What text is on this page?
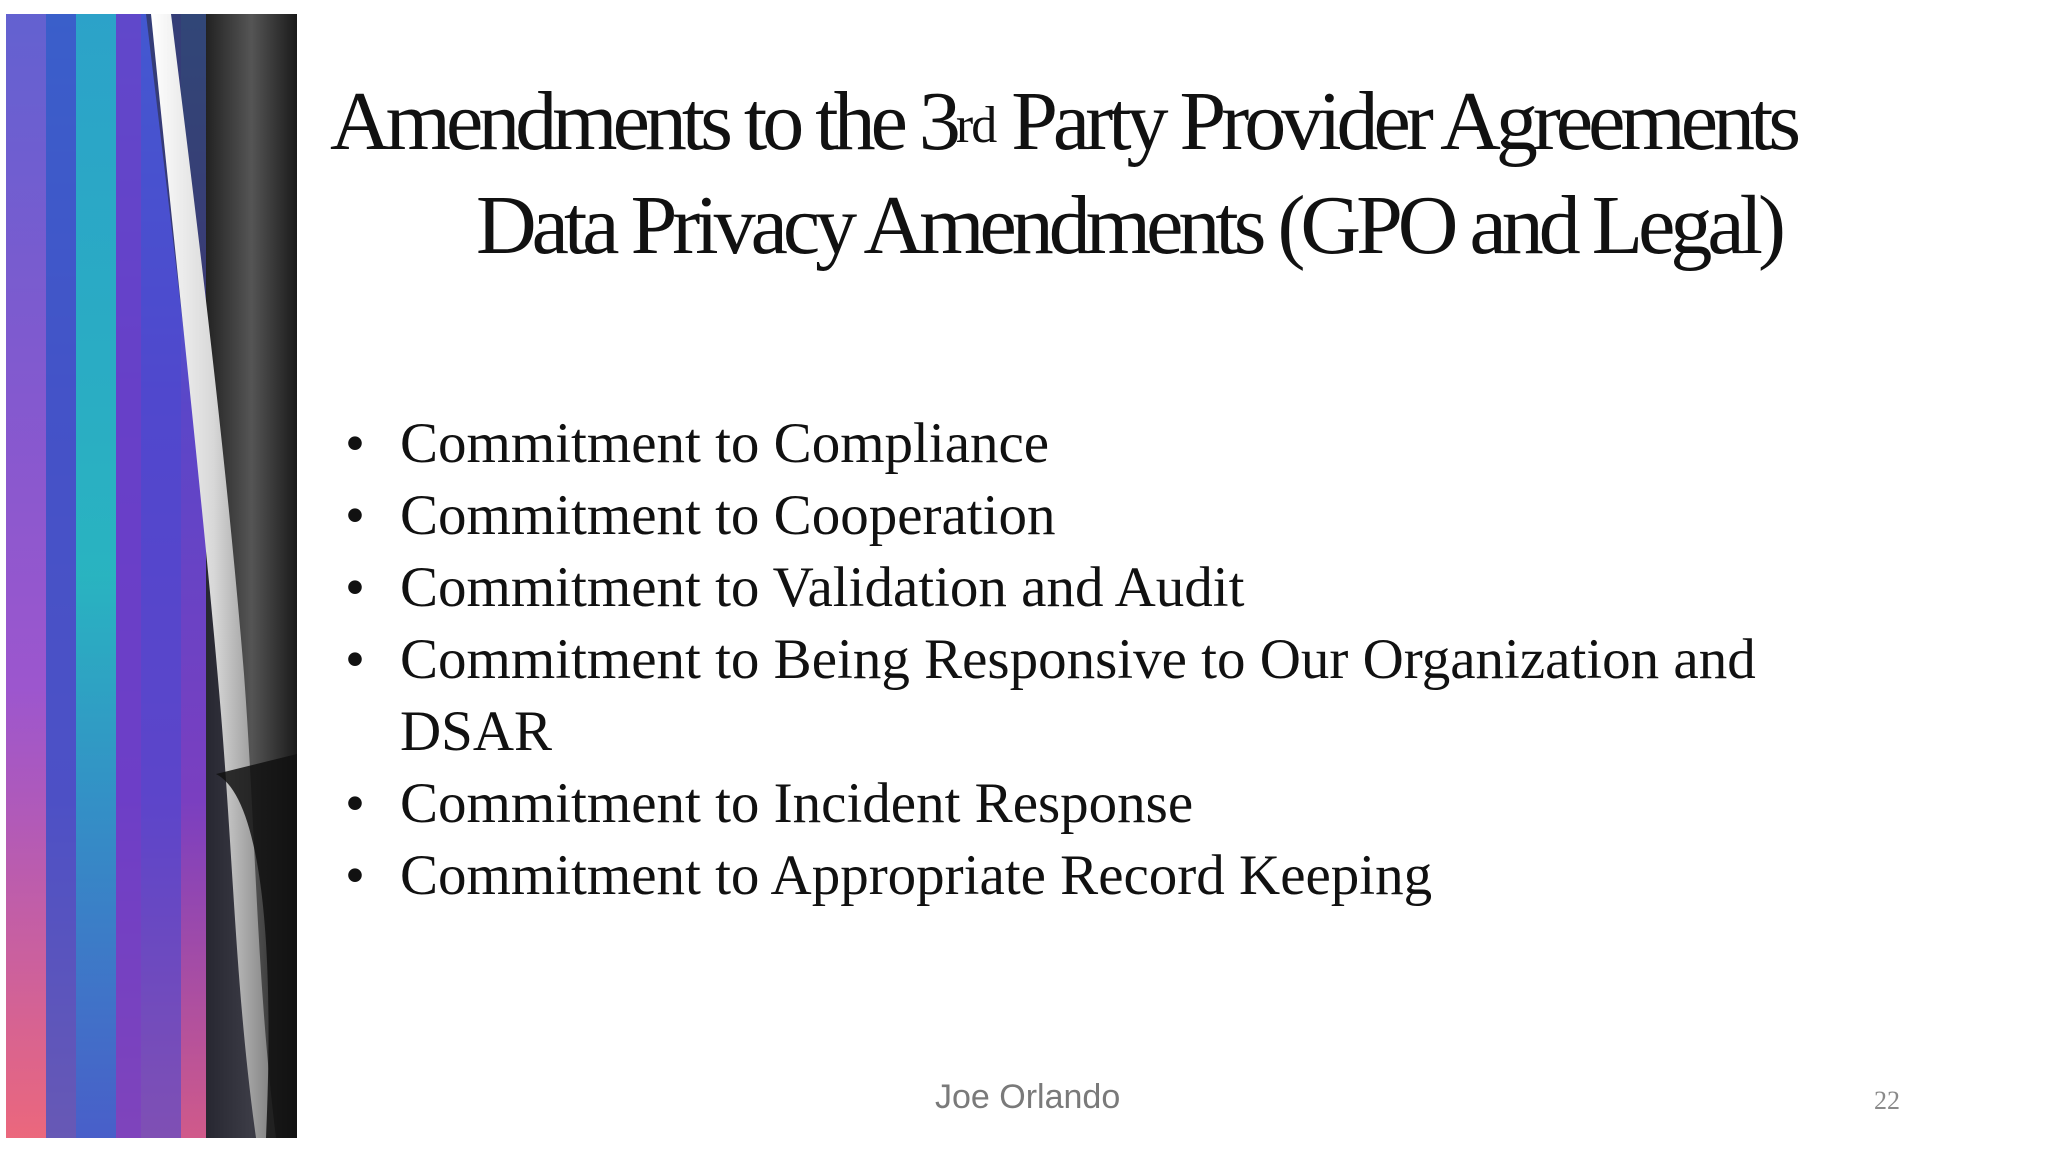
Amendments to the 3rd Party Provider Agreements
Data Privacy Amendments (GPO and Legal)
• Commitment to Compliance
• Commitment to Cooperation
• Commitment to Validation and Audit
• Commitment to Being Responsive to Our Organization and DSAR
• Commitment to Incident Response
• Commitment to Appropriate Record Keeping
Joe Orlando	22
